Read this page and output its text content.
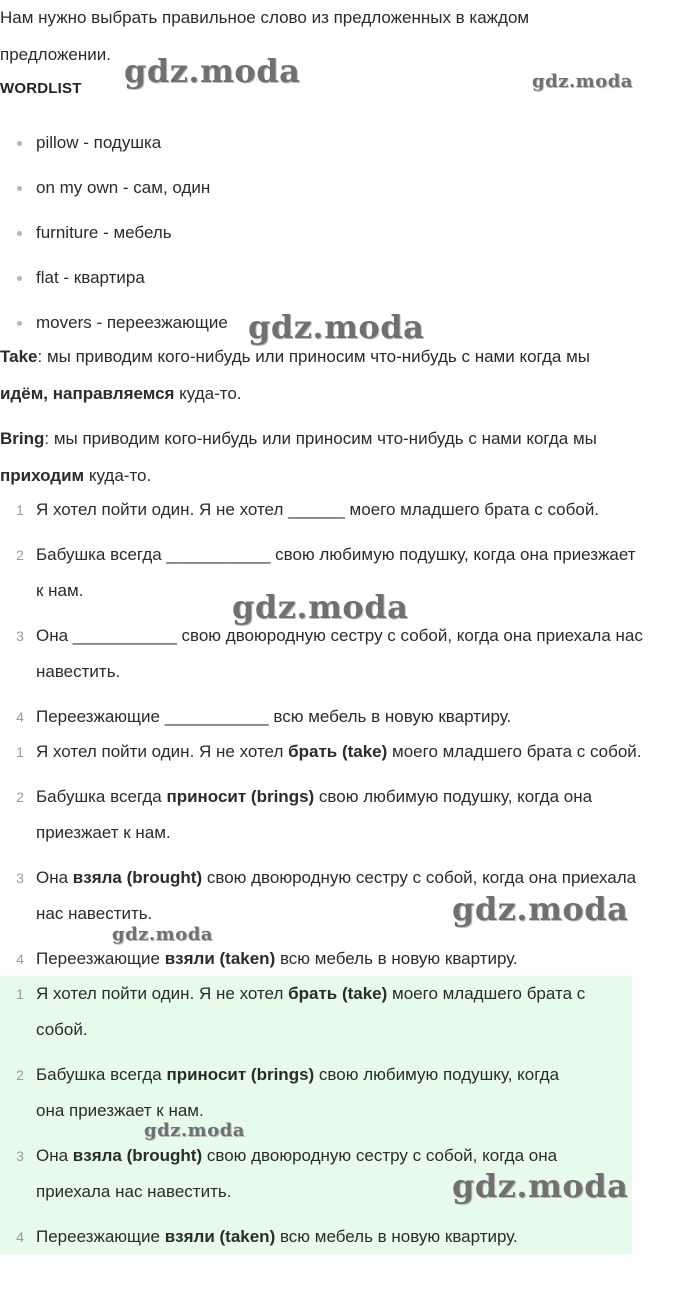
Нам нужно выбрать правильное слово из предложенных в каждом
предложении.
WORDLIST
pillow - подушка
on my own - сам, один
furniture - мебель
flat - квартира
movers - переезжающие
Take: мы приводим кого-нибудь или приносим что-нибудь с нами когда мы
идём, направляемся куда-то.
Bring: мы приводим кого-нибудь или приносим что-нибудь с нами когда мы
приходим куда-то.
1 Я хотел пойти один. Я не хотел ______ моего младшего брата с собой.
2 Бабушка всегда ___________ свою любимую подушку, когда она приезжает
к нам.
3 Она ___________ свою двоюродную сестру с собой, когда она приехала нас
навестить.
4 Переезжающие ___________ всю мебель в новую квартиру.
1 Я хотел пойти один. Я не хотел брать (take) моего младшего брата с собой.
2 Бабушка всегда приносит (brings) свою любимую подушку, когда она
приезжает к нам.
3 Она взяла (brought) свою двоюродную сестру с собой, когда она приехала
нас навестить.
4 Переезжающие взяли (taken) всю мебель в новую квартиру.
1 Я хотел пойти один. Я не хотел брать (take) моего младшего брата с
собой.
2 Бабушка всегда приносит (brings) свою любимую подушку, когда
она приезжает к нам.
3 Она взяла (brought) свою двоюродную сестру с собой, когда она
приехала нас навестить.
4 Переезжающие взяли (taken) всю мебель в новую квартиру.
gdz.moda	gdz.moda
gdz.moda
gdz.moda
gdz.moda
gdz.moda
gdz.moda
gdz.moda
